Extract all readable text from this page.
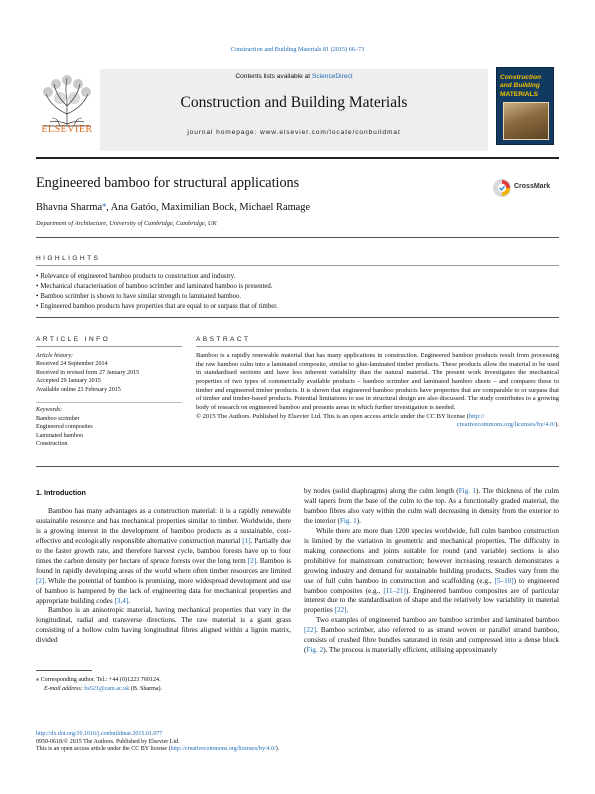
Construction and Building Materials 81 (2015) 66–73
ELSEVIER
Contents lists available at ScienceDirect
Construction and Building Materials
journal homepage: www.elsevier.com/locate/conbuildmat
Construction and Building
MATERIALS
Engineered bamboo for structural applications	CrossMark
Bhavna Sharma⁎, Ana Gatóo, Maximilian Bock, Michael Ramage
Department of Architecture, University of Cambridge, Cambridge, UK
HIGHLIGHTS
• Relevance of engineered bamboo products to construction and industry.
• Mechanical characterisation of bamboo scrimber and laminated bamboo is presented.
• Bamboo scrimber is shown to have similar strength to laminated bamboo.
• Engineered bamboo products have properties that are equal to or surpass that of timber.
ARTICLE INFO
Article history:
Received 24 September 2014
Received in revised form 27 January 2015
Accepted 29 January 2015
Available online 23 February 2015
Keywords:
Bamboo scrimber
Engineered composites
Laminated bamboo
Construction
ABSTRACT
Bamboo is a rapidly renewable material that has many applications in construction. Engineered bamboo products result from processing the raw bamboo culm into a laminated composite, similar to glue-laminated timber products. These products allow the material to be used in standardised sections and have less inherent variability than the natural material. The present work investigates the mechanical properties of two types of commercially available products – bamboo scrimber and laminated bamboo sheets – and compares these to timber and engineered timber products. It is shown that engineered bamboo products have properties that are comparable to or surpass that of timber and timber-based products. Potential limitations to use in structural design are also discussed. The study contributes to a growing body of research on engineered bamboo and presents areas in which further investigation is needed.
© 2015 The Authors. Published by Elsevier Ltd. This is an open access article under the CC BY license (http://
creativecommons.org/licenses/by/4.0/).
1. Introduction

Bamboo has many advantages as a construction material: it is a rapidly renewable sustainable resource and has mechanical properties similar to timber. Worldwide, there is a growing interest in the development of bamboo products as a sustainable, cost-effective and ecologically responsible alternative construction material [1]. Partially due to the faster growth rate, and therefore harvest cycle, bamboo forests have up to four times the carbon density per hectare of spruce forests over the long term [2]. Bamboo is found in rapidly developing areas of the world where often timber resources are limited [2]. While the potential of bamboo is promising, more widespread development and use of bamboo is hampered by the lack of engineering data for mechanical properties and appropriate building codes [3,4].

Bamboo is an anisotropic material, having mechanical properties that vary in the longitudinal, radial and transverse directions. The raw material is a giant grass consisting of a hollow culm having longitudinal fibres aligned within a lignin matrix, divided

by nodes (solid diaphragms) along the culm length (Fig. 1). The thickness of the culm wall tapers from the base of the culm to the top. As a functionally graded material, the bamboo fibres also vary within the culm wall decreasing in density from the exterior to the interior (Fig. 1).

While there are more than 1200 species worldwide, full culm bamboo construction is limited by the variation in geometric and mechanical properties. The difficulty in making connections and joints suitable for round (and variable) sections is also prohibitive for mainstream construction; however increasing research demonstrates a growing industry and demand for sustainable building products. Studies vary from the use of full culm bamboo in construction and scaffolding (e.g., [5–10]) to engineered bamboo composites (e.g., [11–21]). Engineered bamboo composites are of particular interest due to the standardisation of shape and the relatively low variability in material properties [22].

Two examples of engineered bamboo are bamboo scrimber and laminated bamboo [22]. Bamboo scrimber, also referred to as strand woven or parallel strand bamboo, consists of crushed fibre bundles saturated in resin and compressed into a dense block (Fig. 2). The process is materially efficient, utilising approximately

⁎ Corresponding author. Tel.: +44 (0)1223 760124.
E-mail address: bs521@cam.ac.uk (B. Sharma).
http://dx.doi.org/10.1016/j.conbuildmat.2015.01.077
0950-0618/© 2015 The Authors. Published by Elsevier Ltd.
This is an open access article under the CC BY license (http://creativecommons.org/licenses/by/4.0/).
